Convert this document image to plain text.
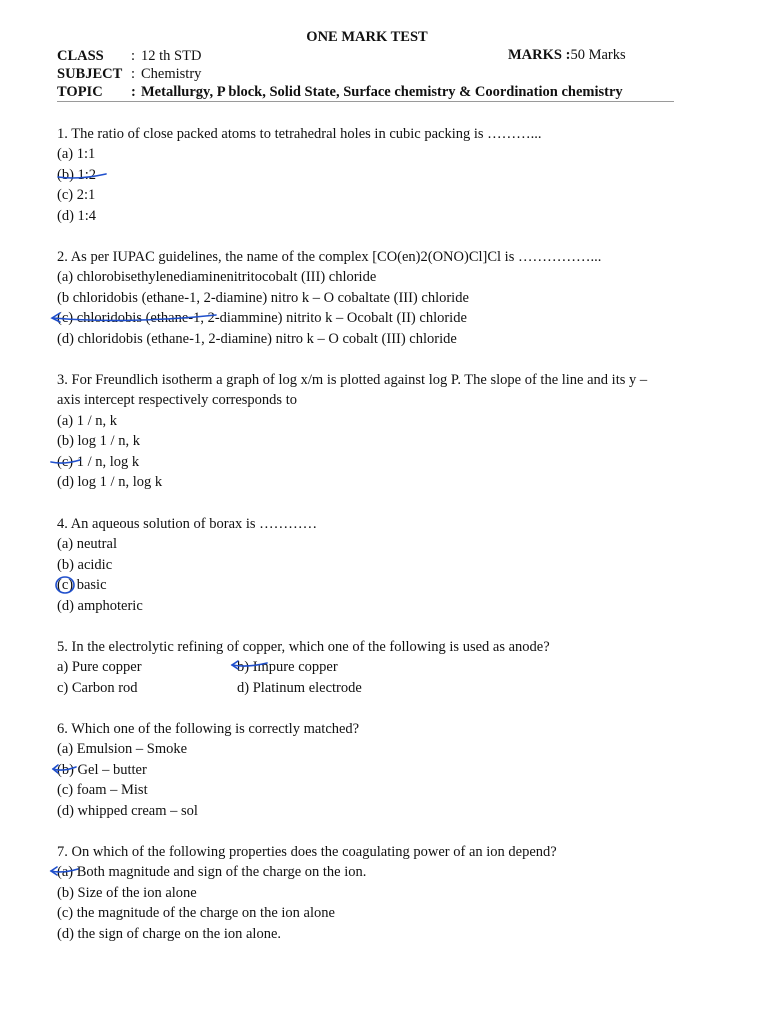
ONE MARK TEST
CLASS : 12 th STD	MARKS :50 Marks
SUBJECT : Chemistry
TOPIC : Metallurgy, P block, Solid State, Surface chemistry & Coordination chemistry
1. The ratio of close packed atoms to tetrahedral holes in cubic packing is ………...
(a) 1:1
(b) 1:2
(c) 2:1
(d) 1:4
2. As per IUPAC guidelines, the name of the complex [CO(en)2(ONO)Cl]Cl is ……………...
(a) chlorobisethylenediaminenitritocobalt (III) chloride
(b chloridobis (ethane-1, 2-diamine) nitro k – O cobaltate (III) chloride
(c) chloridobis (ethane-1, 2-diammine) nitrito k – Ocobalt (II) chloride
(d) chloridobis (ethane-1, 2-diamine) nitro k – O cobalt (III) chloride
3. For Freundlich isotherm a graph of log x/m is plotted against log P. The slope of the line and its y –
axis intercept respectively corresponds to
(a) 1 / n, k
(b) log 1 / n, k
(c) 1 / n, log k
(d) log 1 / n, log k
4. An aqueous solution of borax is …………
(a) neutral
(b) acidic
(c) basic
(d) amphoteric
5. In the electrolytic refining of copper, which one of the following is used as anode?
a) Pure copper	b) Impure copper
c) Carbon rod	d) Platinum electrode
6. Which one of the following is correctly matched?
(a) Emulsion – Smoke
(b) Gel – butter
(c) foam – Mist
(d) whipped cream – sol
7. On which of the following properties does the coagulating power of an ion depend?
(a) Both magnitude and sign of the charge on the ion.
(b) Size of the ion alone
(c) the magnitude of the charge on the ion alone
(d) the sign of charge on the ion alone.
